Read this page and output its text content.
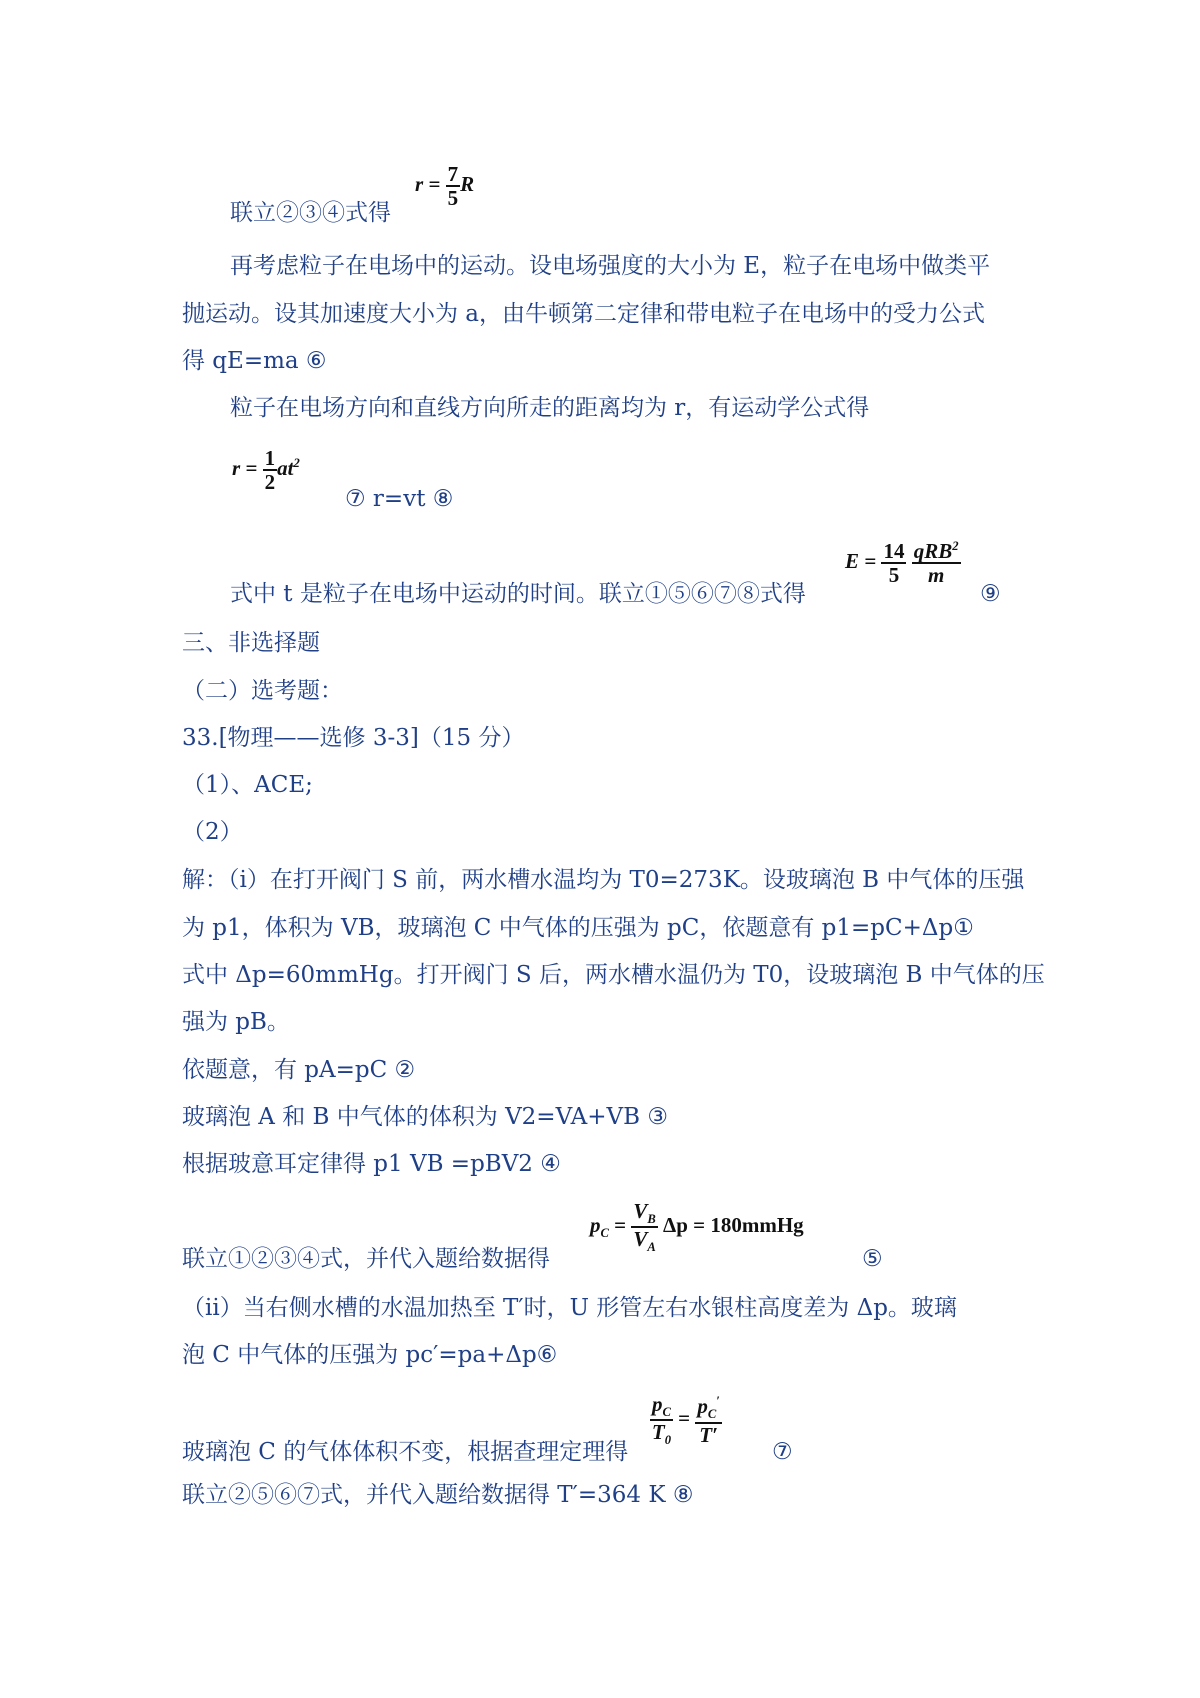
$r = \frac{7}{5}$ R
联立②③④式得
再考虑粒子在电场中的运动。设电场强度的大小为 E，粒子在电场中做类平
抛运动。设其加速度大小为 a，由牛顿第二定律和带电粒子在电场中的受力公式
得 qE=ma ⑥
粒子在电场方向和直线方向所走的距离均为 r，有运动学公式得
$r = \frac{1}{2} at^2$
⑦ r=vt ⑧
$E = \frac{14}{5}$
$\frac{qRB^2}{m}$
式中 t 是粒子在电场中运动的时间。联立①⑤⑥⑦⑧式得	⑨
三、非选择题
（二）选考题：
33.[物理——选修 3-3]（15 分）
（1）、ACE;
（2）
解：（i）在打开阀门 S 前，两水槽水温均为 T0=273K。设玻璃泡 B 中气体的压强
为 p1，体积为 VB，玻璃泡 C 中气体的压强为 pC，依题意有 p1=pC+Δp①
式中 Δp=60mmHg。打开阀门 S 后，两水槽水温仍为 T0，设玻璃泡 B 中气体的压
强为 pB。
依题意，有 pA=pC ②
玻璃泡 A 和 B 中气体的体积为 V2=VA+VB ③
根据玻意耳定律得 p1 VB =pBV2 ④
$p_C = \frac{V_B}{V_A}$ Δp = 180mmHg
联立①②③④式，并代入题给数据得	⑤
（ii）当右侧水槽的水温加热至 T′时，U 形管左右水银柱高度差为 Δp。玻璃
泡 C 中气体的压强为 pc′=pa+Δp⑥
$\frac{p_C}{T_0} = \frac{p_C'}{T'}$
玻璃泡 C 的气体体积不变，根据查理定理得	⑦
联立②⑤⑥⑦式，并代入题给数据得 T′=364 K ⑧
